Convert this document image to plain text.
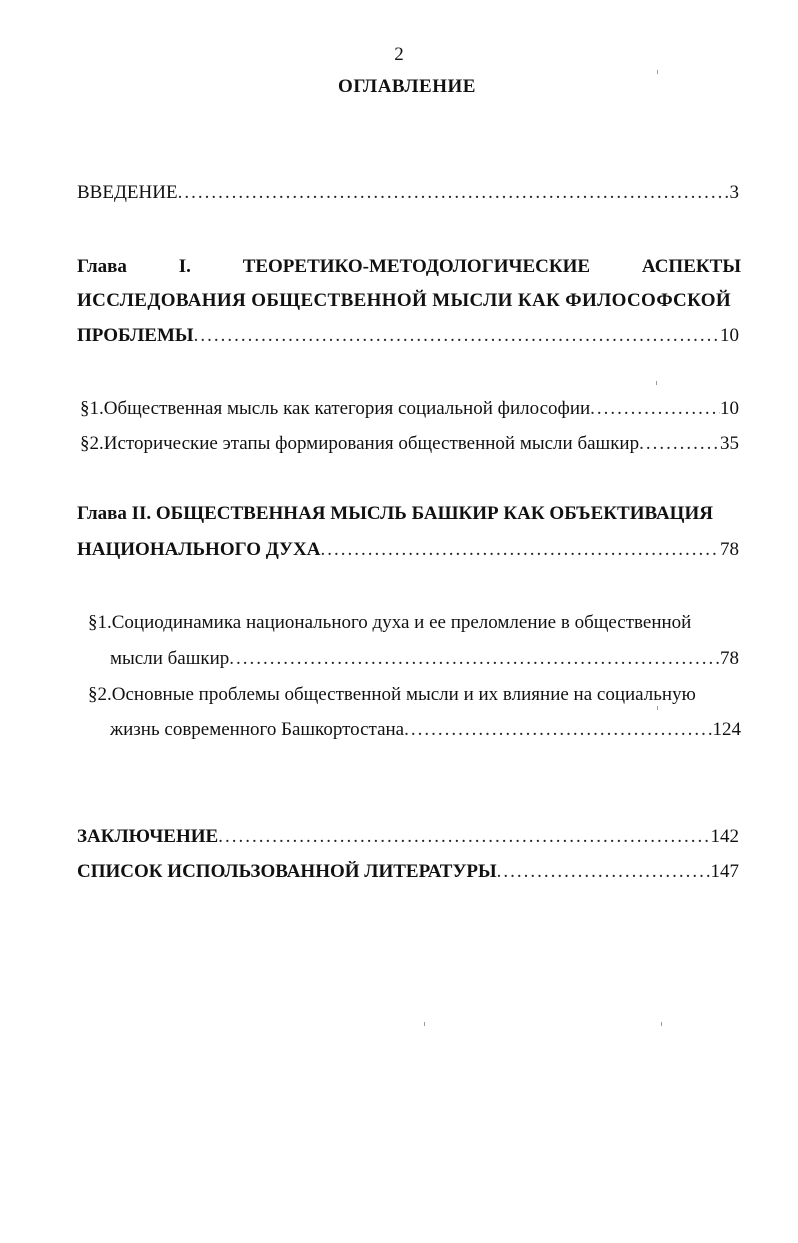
2
ОГЛАВЛЕНИЕ
ВВЕДЕНИЕ .....	3
Глава	I.	ТЕОРЕТИКО-МЕТОДОЛОГИЧЕСКИЕ	АСПЕКТЫ
ИССЛЕДОВАНИЯ ОБЩЕСТВЕННОЙ МЫСЛИ КАК ФИЛОСОФСКОЙ
ПРОБЛЕМЫ .....	10
§1.Общественная мысль как категория социальной философии .....	10
§2.Исторические этапы формирования общественной мысли башкир .....	35
Глава II. ОБЩЕСТВЕННАЯ МЫСЛЬ БАШКИР КАК ОБЪЕКТИВАЦИЯ
НАЦИОНАЛЬНОГО ДУХА .....	78
§1.Социодинамика национального духа и ее преломление в общественной
мысли башкир .....	78
§2.Основные проблемы общественной мысли и их влияние на социальную
жизнь современного Башкортостана .....	124
ЗАКЛЮЧЕНИЕ .....	142
СПИСОК ИСПОЛЬЗОВАННОЙ ЛИТЕРАТУРЫ .....	147
